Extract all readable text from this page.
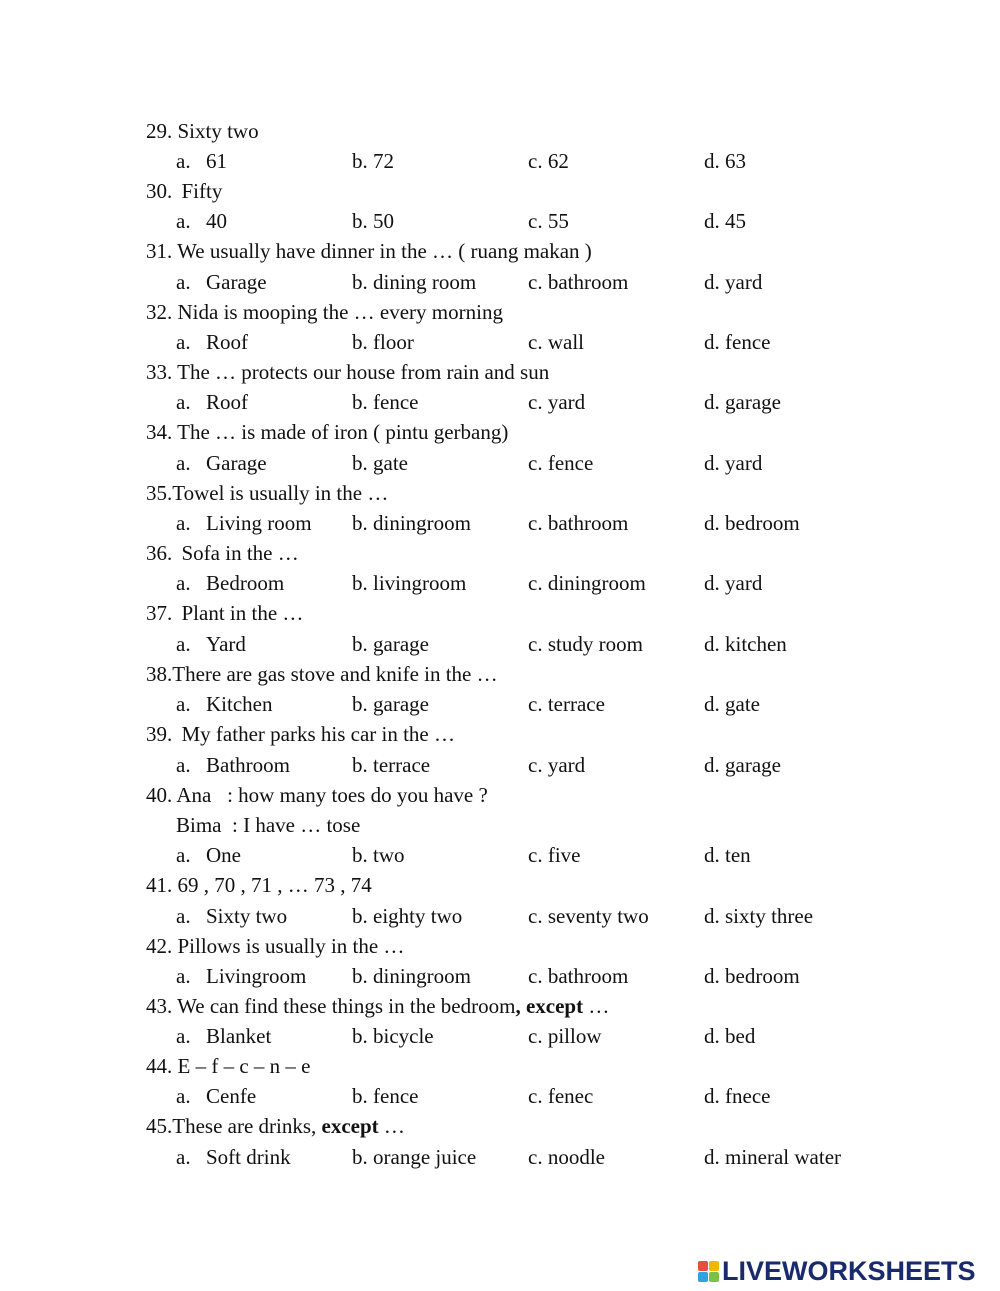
29. Sixty two
a. 61	b. 72	c. 62	d. 63
30. Fifty
a. 40	b. 50	c. 55	d. 45
31. We usually have dinner in the … ( ruang makan )
a. Garage	b. dining room c. bathroom	d. yard
32. Nida is mooping the … every morning
a. Roof	b. floor	c. wall	d. fence
33. The … protects our house from rain and sun
a. Roof	b. fence	c. yard	d. garage
34. The … is made of iron ( pintu gerbang)
a. Garage	b. gate	c. fence	d. yard
35.Towel is usually in the …
a. Living room b. diningroom	c. bathroom	d. bedroom
36. Sofa in the …
a. Bedroom	b. livingroom	c. diningroom	d. yard
37. Plant in the …
a. Yard	b. garage	c. study room	d. kitchen
38.There are gas stove and knife in the …
a. Kitchen	b. garage	c. terrace	d. gate
39. My father parks his car in the …
a. Bathroom	b. terrace	c. yard	d. garage
40. Ana   : how many toes do you have ?
Bima  : I have … tose
a. One	b. two	c. five	d. ten
41. 69 , 70 , 71 , … 73 , 74
a. Sixty two	b. eighty two	c. seventy two	d. sixty three
42. Pillows is usually in the …
a. Livingroom b. diningroom	c. bathroom	d. bedroom
43. We can find these things in the bedroom, except …
a. Blanket	b. bicycle	c. pillow	d. bed
44. E – f – c – n – e
a. Cenfe	b. fence	c. fenec	d. fnece
45.These are drinks, except …
a. Soft drink	b. orange juice c. noodle	d. mineral water
LIVEWORKSHEETS
